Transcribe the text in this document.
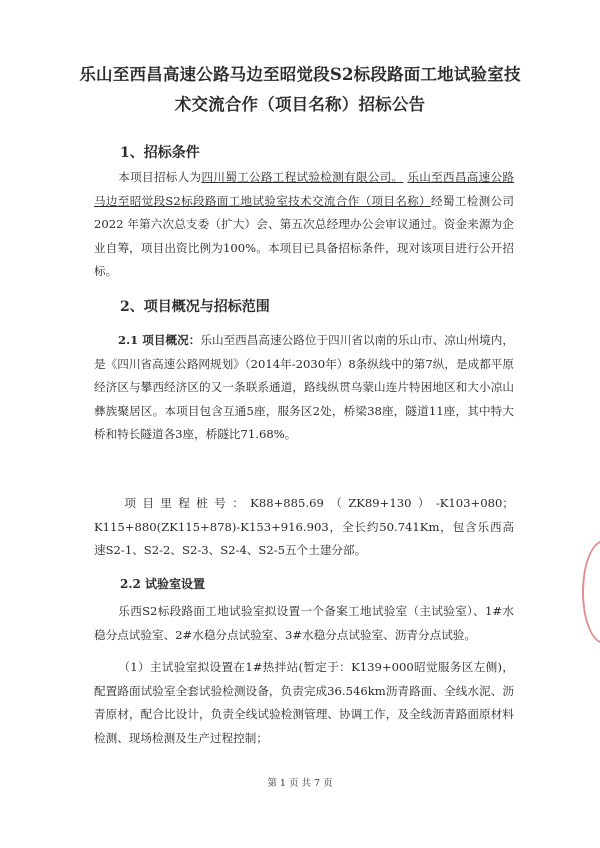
乐山至西昌高速公路马边至昭觉段S2标段路面工地试验室技
术交流合作（项目名称）招标公告
1、招标条件
本项目招标人为四川蜀工公路工程试验检测有限公司。 乐山至西昌高速公路马边至昭觉段S2标段路面工地试验室技术交流合作（项目名称）经蜀工检测公司2022 年第六次总支委（扩大）会、第五次总经理办公会审议通过。资金来源为企业自筹，项目出资比例为100%。本项目已具备招标条件，现对该项目进行公开招标。
2、项目概况与招标范围
2.1 项目概况：乐山至西昌高速公路位于四川省以南的乐山市、凉山州境内，是《四川省高速公路网规划》（2014年-2030年）8条纵线中的第7纵，是成都平原经济区与攀西经济区的又一条联系通道，路线纵贯乌蒙山连片特困地区和大小凉山彝族聚居区。本项目包含互通5座，服务区2处，桥梁38座，隧道11座，其中特大桥和特长隧道各3座，桥隧比71.68%。
项目里程桩号：K88+885.69（ZK89+130）-K103+080；K115+880(ZK115+878)-K153+916.903，全长约50.741Km，包含乐西高速S2-1、S2-2、S2-3、S2-4、S2-5五个土建分部。
2.2 试验室设置
乐西S2标段路面工地试验室拟设置一个备案工地试验室（主试验室）、1#水稳分点试验室、2#水稳分点试验室、3#水稳分点试验室、沥青分点试验。
（1）主试验室拟设置在1#热拌站(暂定于：K139+000昭觉服务区左侧)，配置路面试验室全套试验检测设备，负责完成36.546km沥青路面、全线水泥、沥青原材，配合比设计，负责全线试验检测管理、协调工作，及全线沥青路面原材料检测、现场检测及生产过程控制；
第 1 页 共 7 页
